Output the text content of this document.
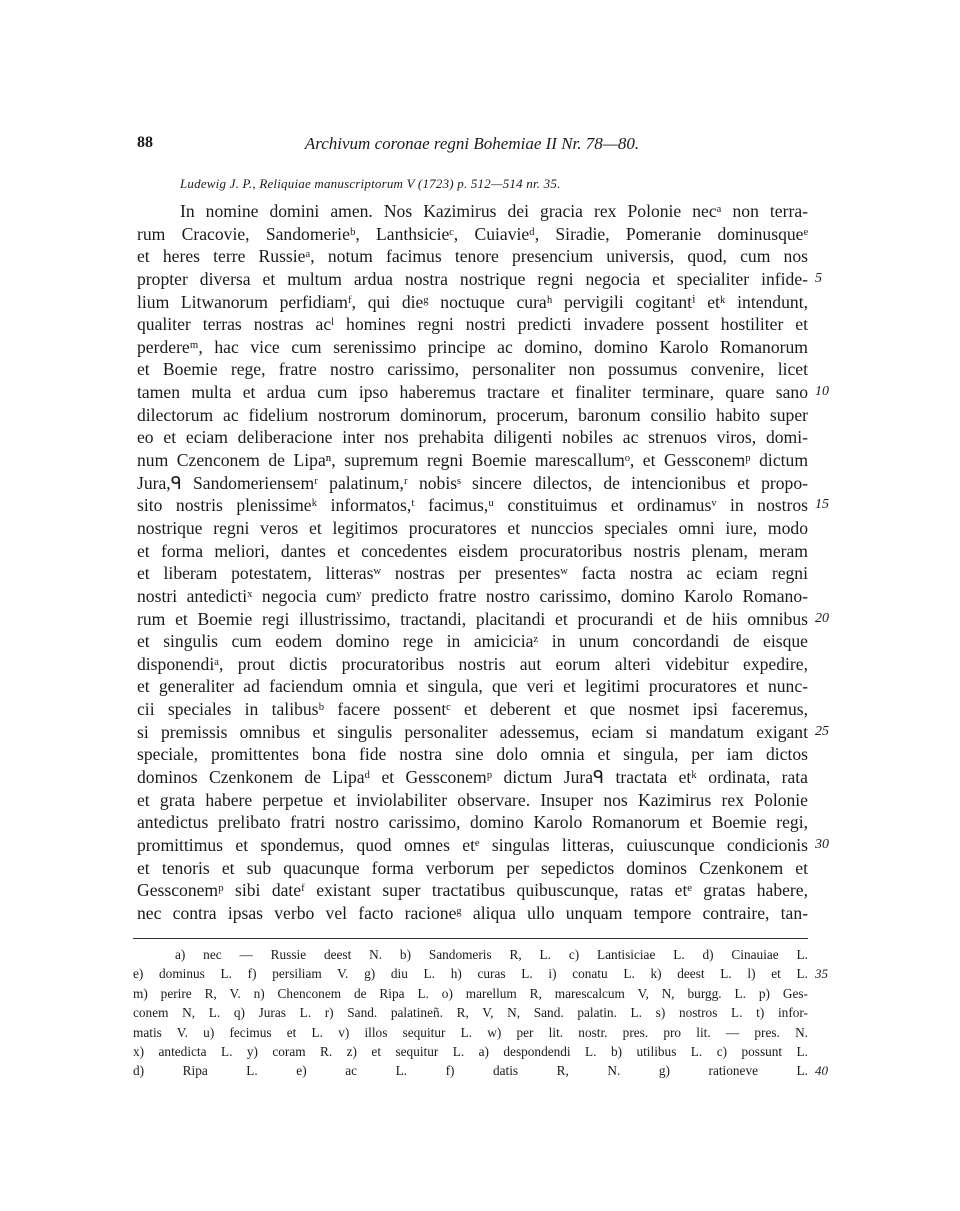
88	Archivum coronae regni Bohemiae II Nr. 78—80.
Ludewig J. P., Reliquiae manuscriptorum V (1723) p. 512—514 nr. 35.
In nomine domini amen. Nos Kazimirus dei gracia rex Polonie necᵃ non terra-
rum Cracovie, Sandomerieᵇ, Lanthsicieᶜ, Cuiavieᵈ, Siradie, Pomeranie dominusqueᵉ
et heres terre Russieᵃ, notum facimus tenore presencium universis, quod, cum nos
propter diversa et multum ardua nostra nostrique regni negocia et specialiter infide- 5
lium Litwanorum perfidiamᶠ, qui dieᵍ noctuque curaʰ pervigili cogitantⁱ etᵏ intendunt,
qualiter terras nostras acˡ homines regni nostri predicti invadere possent hostiliter et
perdereᵐ, hac vice cum serenissimo principe ac domino, domino Karolo Romanorum
et Boemie rege, fratre nostro carissimo, personaliter non possumus convenire, licet
tamen multa et ardua cum ipso haberemus tractare et finaliter terminare, quare sano 10
dilectorum ac fidelium nostrorum dominorum, procerum, baronum consilio habito super
eo et eciam deliberacione inter nos prehabita diligenti nobiles ac strenuos viros, domi-
num Czenconem de Lipaⁿ, supremum regni Boemie marescallumᵒ, et Gessconemᵖ dictum
Jura,ᑫ Sandomeriensemʳ palatinum,ʳ nobisˢ sincere dilectos, de intencionibus et propo-
sito nostris plenissimeᵏ informatos,ᵗ facimus,ᵘ constituimus et ordinamusᵛ in nostros 15
nostrique regni veros et legitimos procuratores et nunccios speciales omni iure, modo
et forma meliori, dantes et concedentes eisdem procuratoribus nostris plenam, meram
et liberam potestatem, litterasʷ nostras per presentesʷ facta nostra ac eciam regni
nostri antedictiˣ negocia cumʸ predicto fratre nostro carissimo, domino Karolo Romano-
rum et Boemie regi illustrissimo, tractandi, placitandi et procurandi et de hiis omnibus 20
et singulis cum eodem domino rege in amiciciaᶻ in unum concordandi de eisque
disponendiᵃ, prout dictis procuratoribus nostris aut eorum alteri videbitur expedire,
et generaliter ad faciendum omnia et singula, que veri et legitimi procuratores et nunc-
cii speciales in talibusᵇ facere possentᶜ et deberent et que nosmet ipsi faceremus,
si premissis omnibus et singulis personaliter adessemus, eciam si mandatum exigant 25
speciale, promittentes bona fide nostra sine dolo omnia et singula, per iam dictos
dominos Czenkonem de Lipaᵈ et Gessconemᵖ dictum Juraᑫ tractata etᵏ ordinata, rata
et grata habere perpetue et inviolabiliter observare. Insuper nos Kazimirus rex Polonie
antedictus prelibato fratri nostro carissimo, domino Karolo Romanorum et Boemie regi,
promittimus et spondemus, quod omnes etᵉ singulas litteras, cuiuscunque condicionis 30
et tenoris et sub quacunque forma verborum per sepedictos dominos Czenkonem et
Gessconemᵖ sibi dateᶠ existant super tractatibus quibuscunque, ratas etᵉ gratas habere,
nec contra ipsas verbo vel facto racioneᵍ aliqua ullo unquam tempore contraire, tan-
a) nec — Russie deest N. b) Sandomeris R, L. c) Lantisiciae L. d) Cinauiae L.
e) dominus L. f) persiliam V. g) diu L. h) curas L. i) conatu L. k) deest L. l) et L. 35
m) perire R, V. n) Chenconem de Ripa L. o) marellum R, marescalcum V, N, burgg. L. p) Ges-
conem N, L. q) Juras L. r) Sand. palatineñ. R, V, N, Sand. palatin. L. s) nostros L. t) infor-
matis V. u) fecimus et L. v) illos sequitur L. w) per lit. nostr. pres. pro lit. — pres. N.
x) antedicta L. y) coram R. z) et sequitur L. a) despondendi L. b) utilibus L. c) possunt L.
d) Ripa L. e) ac L. f) datis R, N. g) rationeve L. 40
